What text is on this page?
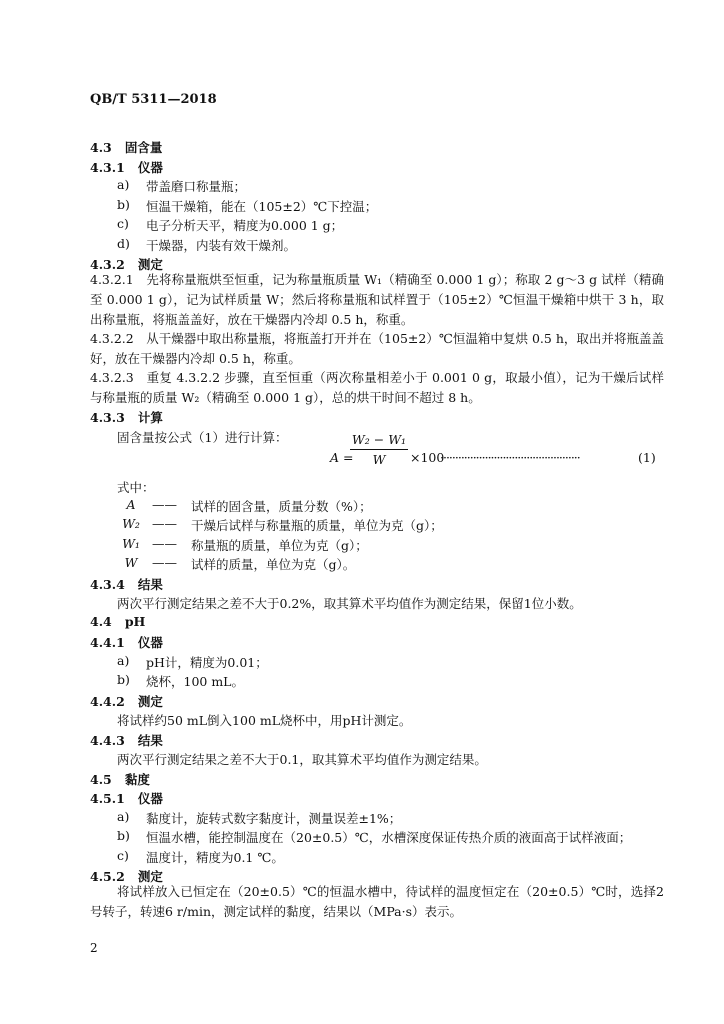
QB/T 5311—2018
4.3 固含量
4.3.1 仪器
a) 带盖磨口称量瓶；
b) 恒温干燥箱，能在（105±2）℃下控温；
c) 电子分析天平，精度为0.000 1 g；
d) 干燥器，内装有效干燥剂。
4.3.2 测定
4.3.2.1　先将称量瓶烘至恒重，记为称量瓶质量 W₁（精确至 0.000 1 g）；称取 2 g～3 g 试样（精确至 0.000 1 g），记为试样质量 W；然后将称量瓶和试样置于（105±2）℃恒温干燥箱中烘干 3 h，取出称量瓶，将瓶盖盖好，放在干燥器内冷却 0.5 h，称重。
4.3.2.2　从干燥器中取出称量瓶，将瓶盖打开并在（105±2）℃恒温箱中复烘 0.5 h，取出并将瓶盖盖好，放在干燥器内冷却 0.5 h，称重。
4.3.2.3　重复 4.3.2.2 步骤，直至恒重（两次称量相差小于 0.001 0 g，取最小值），记为干燥后试样与称量瓶的质量 W₂（精确至 0.000 1 g），总的烘干时间不超过 8 h。
4.3.3 计算
固含量按公式（1）进行计算：
A =
$\frac{\text{W₂ − W₁}}{W} \times 100$
···············································	(1)
式中：
A	—— 试样的固含量，质量分数（%）；
W₂ —— 干燥后试样与称量瓶的质量，单位为克（g）；
W₁ —— 称量瓶的质量，单位为克（g）；
W	—— 试样的质量，单位为克（g）。
4.3.4 结果
两次平行测定结果之差不大于0.2%，取其算术平均值作为测定结果，保留1位小数。
4.4 pH
4.4.1 仪器
a) pH计，精度为0.01；
b) 烧杯，100 mL。
4.4.2 测定
将试样约50 mL倒入100 mL烧杯中，用pH计测定。
4.4.3 结果
两次平行测定结果之差不大于0.1，取其算术平均值作为测定结果。
4.5 黏度
4.5.1 仪器
a) 黏度计，旋转式数字黏度计，测量误差±1%；
b) 恒温水槽，能控制温度在（20±0.5）℃，水槽深度保证传热介质的液面高于试样液面；
c) 温度计，精度为0.1 ℃。
4.5.2 测定
将试样放入已恒定在（20±0.5）℃的恒温水槽中，待试样的温度恒定在（20±0.5）℃时，选择2号转子，转速6 r/min，测定试样的黏度，结果以（MPa·s）表示。
2
